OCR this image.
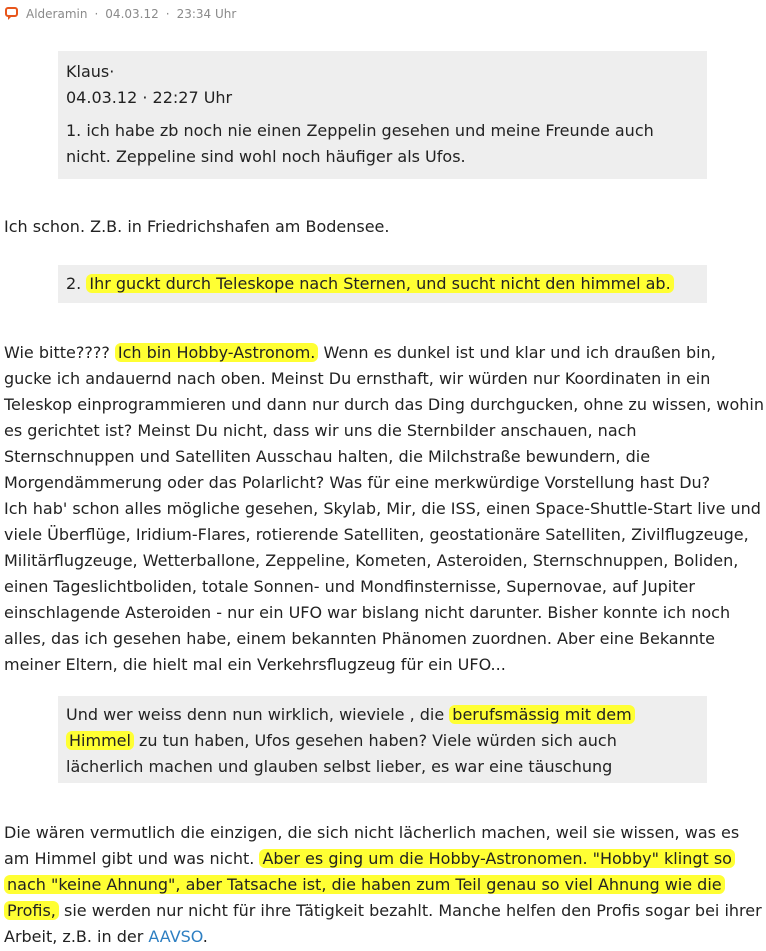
Alderamin · 04.03.12 · 23:34 Uhr
Klaus·
04.03.12 · 22:27 Uhr
1. ich habe zb noch nie einen Zeppelin gesehen und meine Freunde auch nicht. Zeppeline sind wohl noch häufiger als Ufos.
Ich schon. Z.B. in Friedrichshafen am Bodensee.
2. Ihr guckt durch Teleskope nach Sternen, und sucht nicht den himmel ab.
Wie bitte???? Ich bin Hobby-Astronom. Wenn es dunkel ist und klar und ich draußen bin, gucke ich andauernd nach oben. Meinst Du ernsthaft, wir würden nur Koordinaten in ein Teleskop einprogrammieren und dann nur durch das Ding durchgucken, ohne zu wissen, wohin es gerichtet ist? Meinst Du nicht, dass wir uns die Sternbilder anschauen, nach Sternschnuppen und Satelliten Ausschau halten, die Milchstraße bewundern, die Morgendämmerung oder das Polarlicht? Was für eine merkwürdige Vorstellung hast Du?
Ich hab' schon alles mögliche gesehen, Skylab, Mir, die ISS, einen Space-Shuttle-Start live und viele Überflüge, Iridium-Flares, rotierende Satelliten, geostationäre Satelliten, Zivilflugzeuge, Militärflugzeuge, Wetterballone, Zeppeline, Kometen, Asteroiden, Sternschnuppen, Boliden, einen Tageslichtboliden, totale Sonnen- und Mondfinsternisse, Supernovae, auf Jupiter einschlagende Asteroiden - nur ein UFO war bislang nicht darunter. Bisher konnte ich noch alles, das ich gesehen habe, einem bekannten Phänomen zuordnen. Aber eine Bekannte meiner Eltern, die hielt mal ein Verkehrsflugzeug für ein UFO...
Und wer weiss denn nun wirklich, wieviele , die berufsmässig mit dem Himmel zu tun haben, Ufos gesehen haben? Viele würden sich auch lächerlich machen und glauben selbst lieber, es war eine täuschung
Die wären vermutlich die einzigen, die sich nicht lächerlich machen, weil sie wissen, was es am Himmel gibt und was nicht. Aber es ging um die Hobby-Astronomen. "Hobby" klingt so nach "keine Ahnung", aber Tatsache ist, die haben zum Teil genau so viel Ahnung wie die Profis, sie werden nur nicht für ihre Tätigkeit bezahlt. Manche helfen den Profis sogar bei ihrer Arbeit, z.B. in der AAVSO.
